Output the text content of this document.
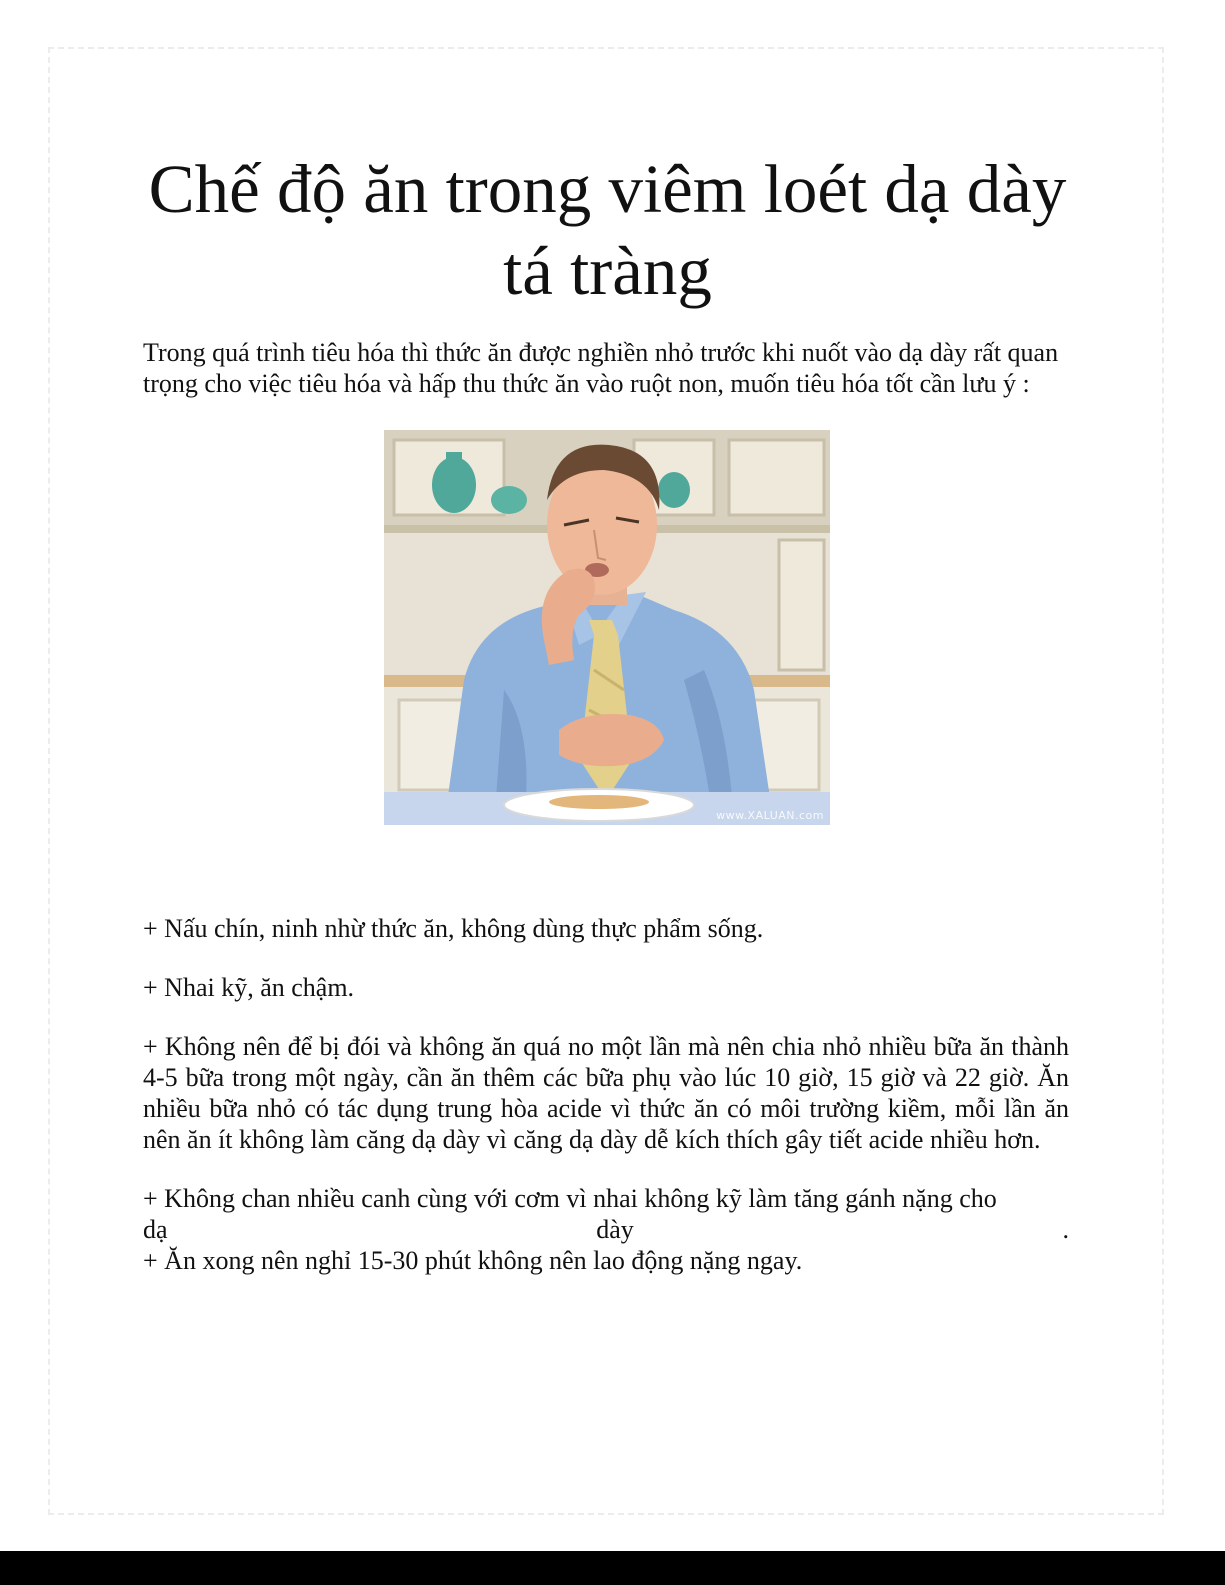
Chế độ ăn trong viêm loét dạ dày tá tràng

Trong quá trình tiêu hóa thì thức ăn được nghiền nhỏ trước khi nuốt vào dạ dày rất quan trọng cho việc tiêu hóa và hấp thu thức ăn vào ruột non, muốn tiêu hóa tốt cần lưu ý :

www.XALUAN.com

+ Nấu chín, ninh nhừ thức ăn, không dùng thực phẩm sống.

+ Nhai kỹ, ăn chậm.

+ Không nên để bị đói và không ăn quá no một lần mà nên chia nhỏ nhiều bữa ăn thành 4-5 bữa trong một ngày, cần ăn thêm các bữa phụ vào lúc 10 giờ, 15 giờ và 22 giờ. Ăn nhiều bữa nhỏ có tác dụng trung hòa acide vì thức ăn có môi trường kiềm, mỗi lần ăn nên ăn ít không làm căng dạ dày vì căng dạ dày dễ kích thích gây tiết acide nhiều hơn.

+ Không chan nhiều canh cùng với cơm vì nhai không kỹ làm tăng gánh nặng cho
dạ	dày	.

+ Ăn xong nên nghỉ 15-30 phút không nên lao động nặng ngay.
